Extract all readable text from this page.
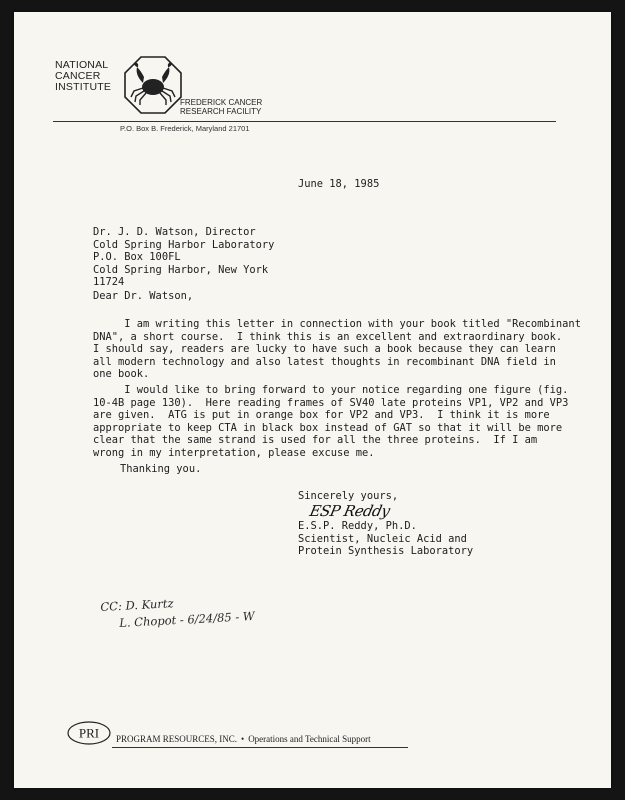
NATIONAL
CANCER
INSTITUTE
FREDERICK CANCER
RESEARCH FACILITY
P.O. Box B. Frederick, Maryland 21701
June 18, 1985
Dr. J. D. Watson, Director
Cold Spring Harbor Laboratory
P.O. Box 100FL
Cold Spring Harbor, New York
11724
Dear Dr. Watson,
I am writing this letter in connection with your book titled "Recombinant
DNA", a short course.  I think this is an excellent and extraordinary book.
I should say, readers are lucky to have such a book because they can learn
all modern technology and also latest thoughts in recombinant DNA field in
one book.
I would like to bring forward to your notice regarding one figure (fig.
10-4B page 130).  Here reading frames of SV40 late proteins VP1, VP2 and VP3
are given.  ATG is put in orange box for VP2 and VP3.  I think it is more
appropriate to keep CTA in black box instead of GAT so that it will be more
clear that the same strand is used for all the three proteins.  If I am
wrong in my interpretation, please excuse me.
Thanking you.
Sincerely yours,
ESP Reddy
E.S.P. Reddy, Ph.D.
Scientist, Nucleic Acid and
Protein Synthesis Laboratory
CC: D. Kurtz
L. Chopot - 6/24/85 - W
PRI PROGRAM RESOURCES, INC. • Operations and Technical Support
